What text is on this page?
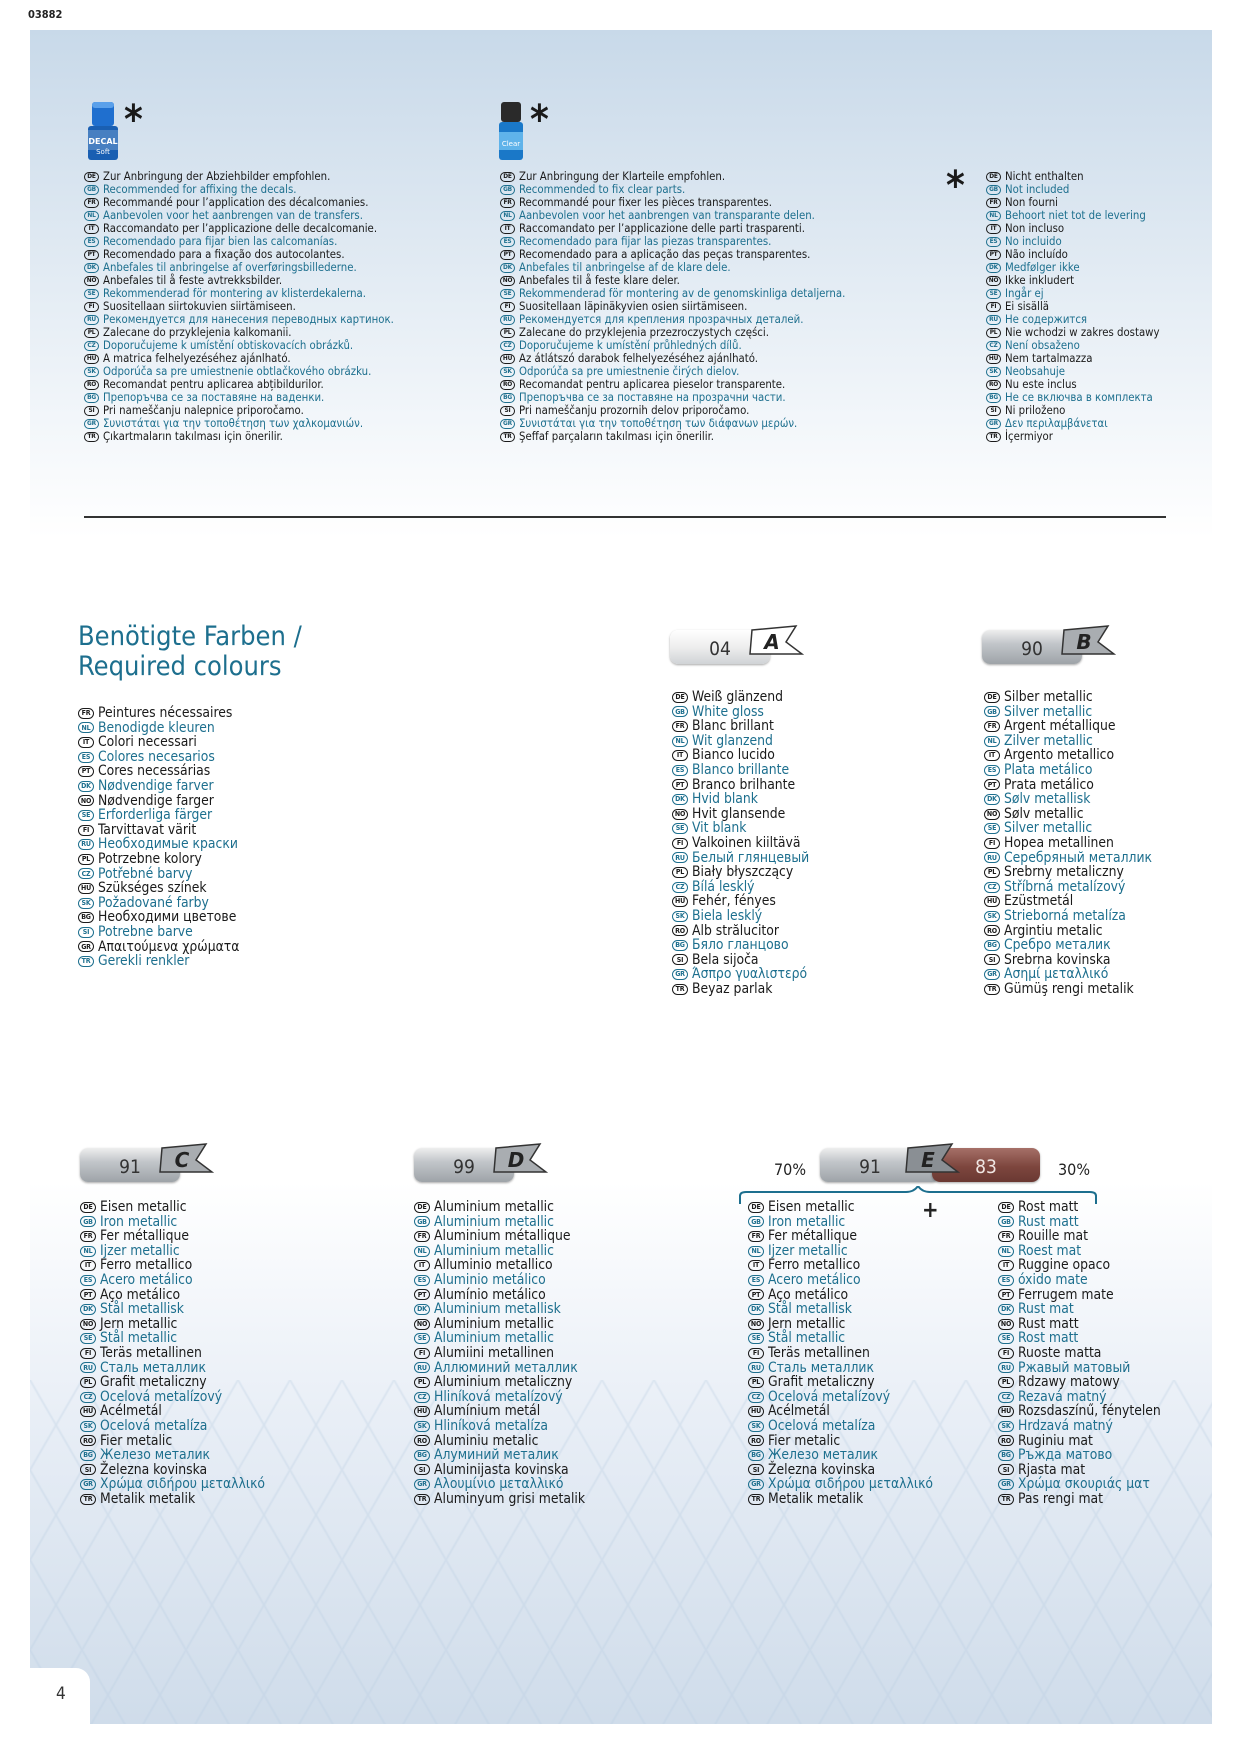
03882
DECAL
Soft
*
Clear
*
*
DE Zur Anbringung der Abziehbilder empfohlen.
GB Recommended for affixing the decals.
FR Recommandé pour l’application des décalcomanies.
NL Aanbevolen voor het aanbrengen van de transfers.
IT Raccomandato per l’applicazione delle decalcomanie.
ES Recomendado para fijar bien las calcomanías.
PT Recomendado para a fixação dos autocolantes.
DK Anbefales til anbringelse af overføringsbillederne.
NO Anbefales til å feste avtrekksbilder.
SE Rekommenderad för montering av klisterdekalerna.
FI Suositellaan siirtokuvien siirtämiseen.
RU Рекомендуется для нанесения переводных картинок.
PL Zalecane do przyklejenia kalkomanii.
CZ Doporučujeme k umístění obtiskovacích obrázků.
HU A matrica felhelyezéséhez ajánlható.
SK Odporúča sa pre umiestnenie obtlačkového obrázku.
RO Recomandat pentru aplicarea abțibildurilor.
BG Препоръчва се за поставяне на ваденки.
SI Pri nameščanju nalepnice priporočamo.
GR Συνιστάται για την τοποθέτηση των χαλκομανιών.
TR Çıkartmaların takılması için önerilir.
DE Zur Anbringung der Klarteile empfohlen.
GB Recommended to fix clear parts.
FR Recommandé pour fixer les pièces transparentes.
NL Aanbevolen voor het aanbrengen van transparante delen.
IT Raccomandato per l’applicazione delle parti trasparenti.
ES Recomendado para fijar las piezas transparentes.
PT Recomendado para a aplicação das peças transparentes.
DK Anbefales til anbringelse af de klare dele.
NO Anbefales til å feste klare deler.
SE Rekommenderad för montering av de genomskinliga detaljerna.
FI Suositellaan läpinäkyvien osien siirtämiseen.
RU Рекомендуется для крепления прозрачных деталей.
PL Zalecane do przyklejenia przezroczystych części.
CZ Doporučujeme k umístění průhledných dílů.
HU Az átlátszó darabok felhelyezéséhez ajánlható.
SK Odporúča sa pre umiestnenie čirých dielov.
RO Recomandat pentru aplicarea pieselor transparente.
BG Препоръчва се за поставяне на прозрачни части.
SI Pri nameščanju prozornih delov priporočamo.
GR Συνιστάται για την τοποθέτηση των διάφανων μερών.
TR Şeffaf parçaların takılması için önerilir.
DE Nicht enthalten
GB Not included
FR Non fourni
NL Behoort niet tot de levering
IT Non incluso
ES No incluido
PT Não incluído
DK Medfølger ikke
NO Ikke inkludert
SE Ingår ej
FI Ei sisällä
RU Не содержится
PL Nie wchodzi w zakres dostawy
CZ Není obsaženo
HU Nem tartalmazza
SK Neobsahuje
RO Nu este inclus
BG Не се включва в комплекта
SI Ni priloženo
GR Δεν περιλαμβάνεται
TR İçermiyor
Benötigte Farben /
Required colours
FR Peintures nécessaires
NL Benodigde kleuren
IT Colori necessari
ES Colores necesarios
PT Cores necessárias
DK Nødvendige farver
NO Nødvendige farger
SE Erforderliga färger
FI Tarvittavat värit
RU Необходимые краски
PL Potrzebne kolory
CZ Potřebné barvy
HU Szükséges színek
SK Požadované farby
BG Необходими цветове
SI Potrebne barve
GR Απαιτούμενα χρώματα
TR Gerekli renkler
04	A
DE Weiß glänzend
GB White gloss
FR Blanc brillant
NL Wit glanzend
IT Bianco lucido
ES Blanco brillante
PT Branco brilhante
DK Hvid blank
NO Hvit glansende
SE Vit blank
FI Valkoinen kiiltävä
RU Белый глянцевый
PL Biały błyszczący
CZ Bílá lesklý
HU Fehér, fényes
SK Biela lesklý
RO Alb strălucitor
BG Бяло гланцово
SI Bela sijoča
GR Άσπρο γυαλιστερό
TR Beyaz parlak
90	B
DE Silber metallic
GB Silver metallic
FR Argent métallique
NL Zilver metallic
IT Argento metallico
ES Plata metálico
PT Prata metálico
DK Sølv metallisk
NO Sølv metallic
SE Silver metallic
FI Hopea metallinen
RU Серебряный металлик
PL Srebrny metaliczny
CZ Stříbrná metalízový
HU Ezüstmetál
SK Strieborná metalíza
RO Argintiu metalic
BG Сребро металик
SI Srebrna kovinska
GR Ασημί μεταλλικό
TR Gümüş rengi metalik
91	C
DE Eisen metallic
GB Iron metallic
FR Fer métallique
NL Ijzer metallic
IT Ferro metallico
ES Acero metálico
PT Aço metálico
DK Stål metallisk
NO Jern metallic
SE Stål metallic
FI Teräs metallinen
RU Сталь металлик
PL Grafit metaliczny
CZ Ocelová metalízový
HU Acélmetál
SK Ocelová metalíza
RO Fier metalic
BG Железо металик
SI Železna kovinska
GR Χρώμα σιδήρου μεταλλικό
TR Metalik metalik
99	D
DE Aluminium metallic
GB Aluminium metallic
FR Aluminium métallique
NL Aluminium metallic
IT Alluminio metallico
ES Aluminio metálico
PT Alumínio metálico
DK Aluminium metallisk
NO Aluminium metallic
SE Aluminium metallic
FI Alumiini metallinen
RU Аллюминий металлик
PL Aluminium metaliczny
CZ Hliníková metalízový
HU Alumínium metál
SK Hliníková metalíza
RO Aluminiu metalic
BG Алуминий металик
SI Aluminijasta kovinska
GR Αλουμίνιο μεταλλικό
TR Aluminyum grisi metalik
70%	91	83
E	30%
+
DE Eisen metallic
GB Iron metallic
FR Fer métallique
NL Ijzer metallic
IT Ferro metallico
ES Acero metálico
PT Aço metálico
DK Stål metallisk
NO Jern metallic
SE Stål metallic
FI Teräs metallinen
RU Сталь металлик
PL Grafit metaliczny
CZ Ocelová metalízový
HU Acélmetál
SK Ocelová metalíza
RO Fier metalic
BG Железо металик
SI Železna kovinska
GR Χρώμα σιδήρου μεταλλικό
TR Metalik metalik
DE Rost matt
GB Rust matt
FR Rouille mat
NL Roest mat
IT Ruggine opaco
ES óxido mate
PT Ferrugem mate
DK Rust mat
NO Rust matt
SE Rost matt
FI Ruoste matta
RU Ржавый матовый
PL Rdzawy matowy
CZ Rezavá matný
HU Rozsdaszínű, fénytelen
SK Hrdzavá matný
RO Ruginiu mat
BG Ръжда матово
SI Rjasta mat
GR Χρώμα σκουριάς ματ
TR Pas rengi mat
4
